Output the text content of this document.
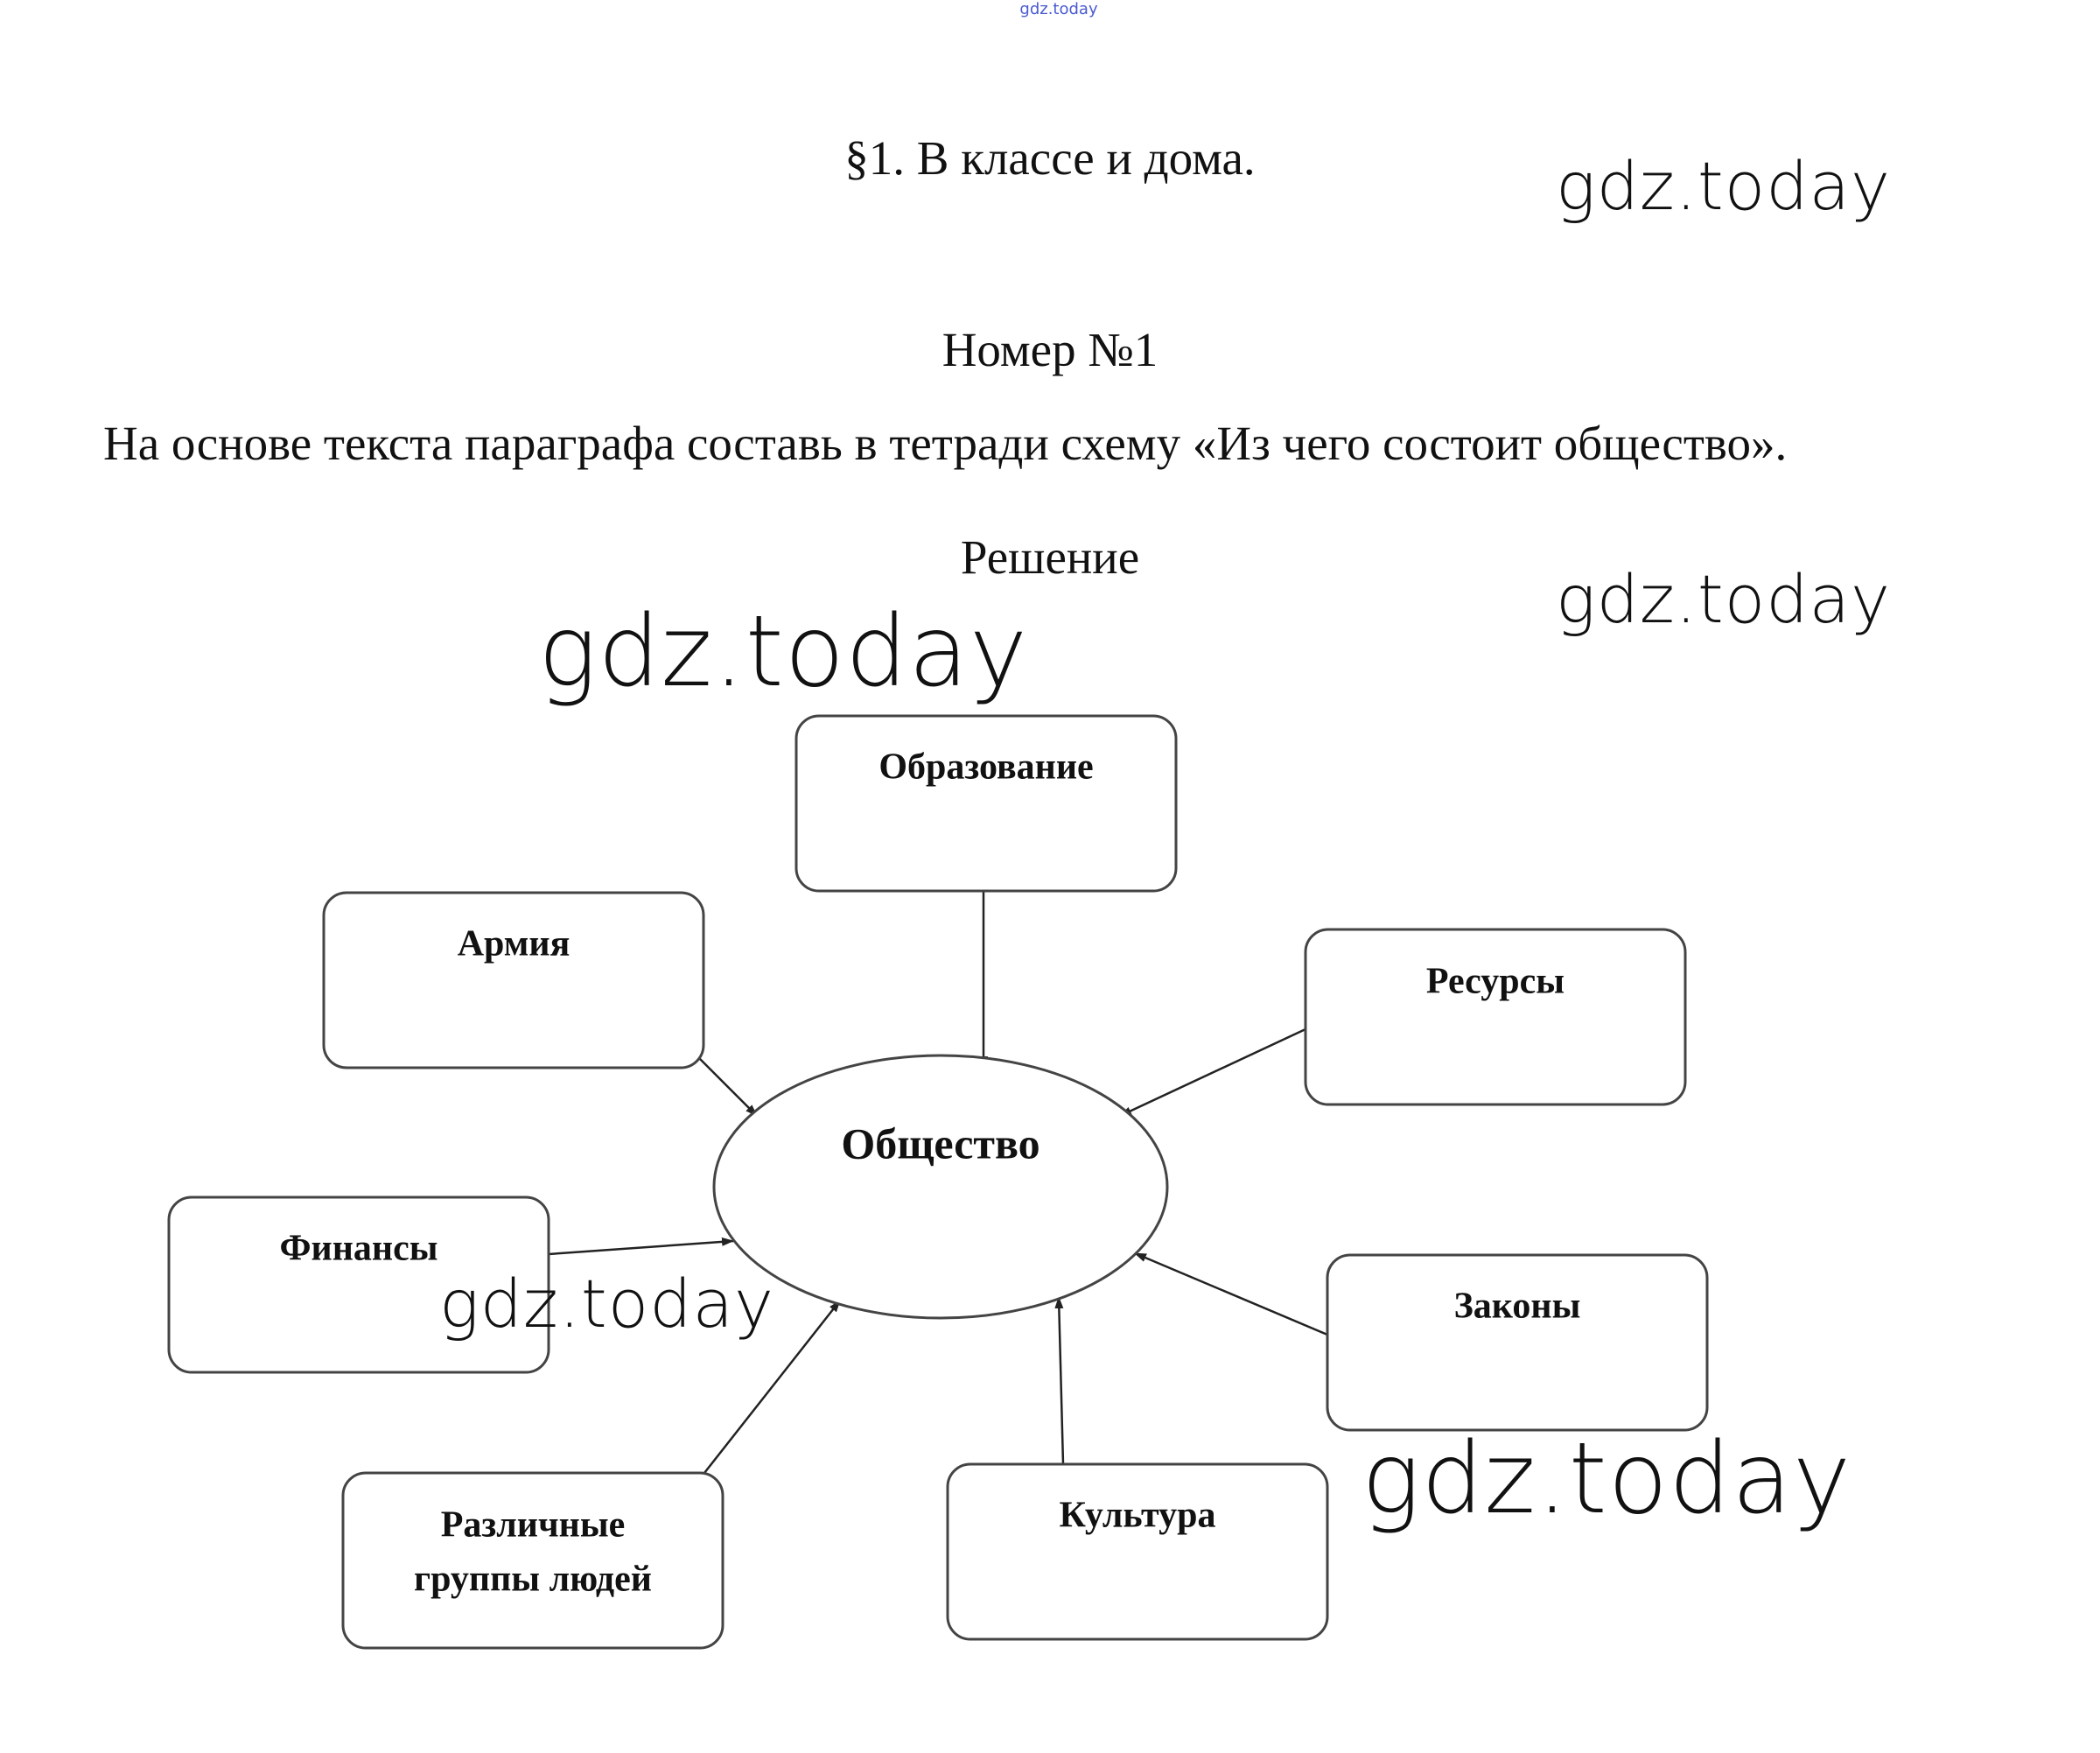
gdz.today
§1. В классе и дома.
Номер №1
На основе текста параграфа составь в тетради схему «Из чего состоит общество».
Решение
Общество
Образование
Армия
Ресурсы
Финансы
Законы
Различные
группы людей
Культура
gdz.today
gdz.today
gdz.today
gdz.today
gdz.today
